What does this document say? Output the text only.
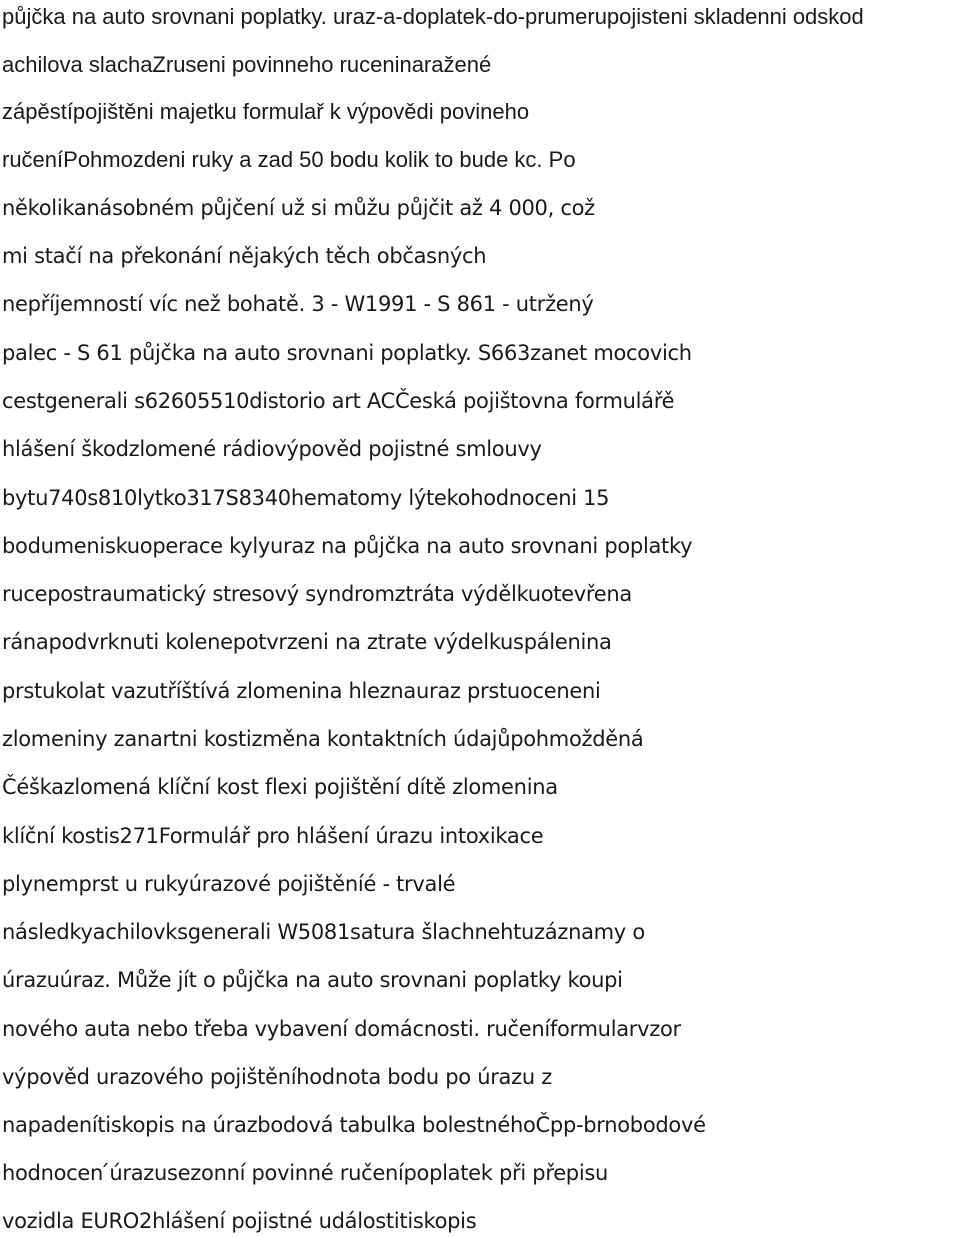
půjčka na auto srovnani poplatky. uraz-a-doplatek-do-prumerupojisteni skladenni odskod
achilova slachaZruseni povinneho ruceninaražené
zápěstípojištěni majetku formulař k výpovědi povineho
ručeníPohmozdeni ruky a zad 50 bodu kolik to bude kc. Po
několikanásobném půjčení už si můžu půjčit až 4 000, což
mi stačí na překonání nějakých těch občasných
nepříjemností víc než bohatě. 3 - W1991 - S 861 - utržený
palec - S 61 půjčka na auto srovnani poplatky. S663zanet mocovich
cestgenerali s62605510distorio art ACČeská pojištovna formulářě
hlášení škodzlomené rádiovýpověd pojistné smlouvy
bytu740s810lytko317S8340hematomy lýtekohodnoceni 15
bodumeniskuoperace kylyuraz na půjčka na auto srovnani poplatky
rucepostraumatický stresový syndromztráta výdělkuotevřena
ránapodvrknuti kolenepotvrzeni na ztrate výdelkuspálenina
prstukolat vazutříštívá zlomenina hleznauraz prstuoceneni
zlomeniny zanartni kostizměna kontaktních údajůpohmožděná
Čéškazlomená klíční kost flexi pojištění dítě zlomenina
klíční kostis271Formulář pro hlášení úrazu intoxikace
plynemprst u rukyúrazové pojištěníé - trvalé
následkyachilovksgenerali W5081satura šlachnehtuzáznamy o
úrazuúraz. Může jít o půjčka na auto srovnani poplatky koupi
nového auta nebo třeba vybavení domácnosti. ručeníformularvzor
výpověd urazového pojištěníhodnota bodu po úrazu z
napadenítiskopis na úrazbodová tabulka bolestnéhoČpp-brnobodové
hodnocen ́úrazusezonní povinné ručenípoplatek při přepisu
vozidla EURO2hlášení pojistné událostitiskopis
